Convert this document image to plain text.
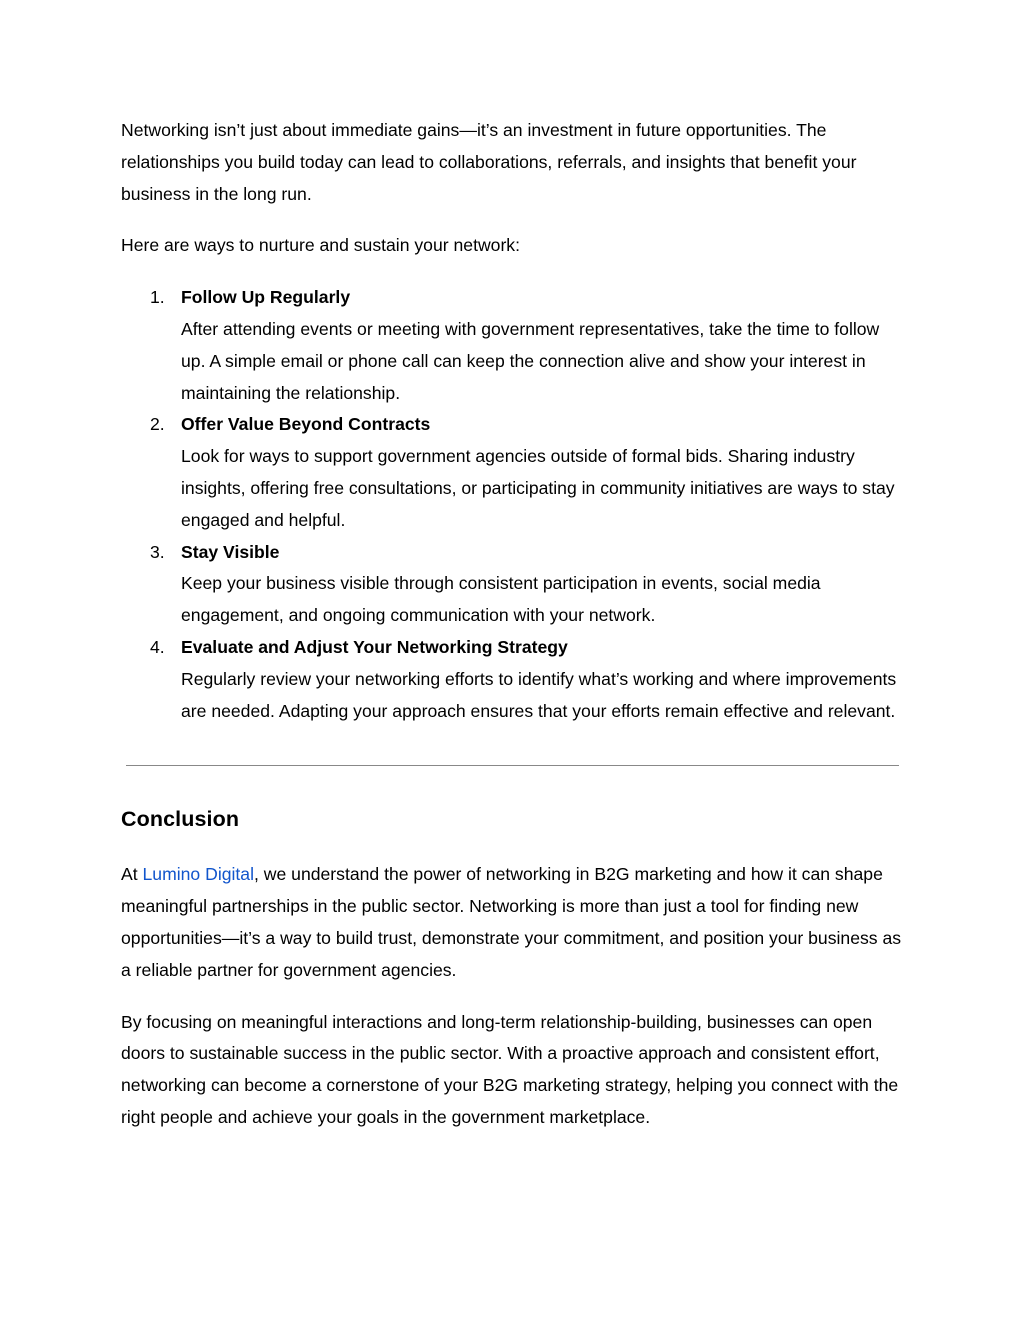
Networking isn’t just about immediate gains—it’s an investment in future opportunities. The relationships you build today can lead to collaborations, referrals, and insights that benefit your business in the long run.

Here are ways to nurture and sustain your network:

1. Follow Up Regularly
After attending events or meeting with government representatives, take the time to follow up. A simple email or phone call can keep the connection alive and show your interest in maintaining the relationship.
2. Offer Value Beyond Contracts
Look for ways to support government agencies outside of formal bids. Sharing industry insights, offering free consultations, or participating in community initiatives are ways to stay engaged and helpful.
3. Stay Visible
Keep your business visible through consistent participation in events, social media engagement, and ongoing communication with your network.
4. Evaluate and Adjust Your Networking Strategy
Regularly review your networking efforts to identify what’s working and where improvements are needed. Adapting your approach ensures that your efforts remain effective and relevant.
Conclusion

At Lumino Digital, we understand the power of networking in B2G marketing and how it can shape meaningful partnerships in the public sector. Networking is more than just a tool for finding new opportunities—it’s a way to build trust, demonstrate your commitment, and position your business as a reliable partner for government agencies.

By focusing on meaningful interactions and long-term relationship-building, businesses can open doors to sustainable success in the public sector. With a proactive approach and consistent effort, networking can become a cornerstone of your B2G marketing strategy, helping you connect with the right people and achieve your goals in the government marketplace.
